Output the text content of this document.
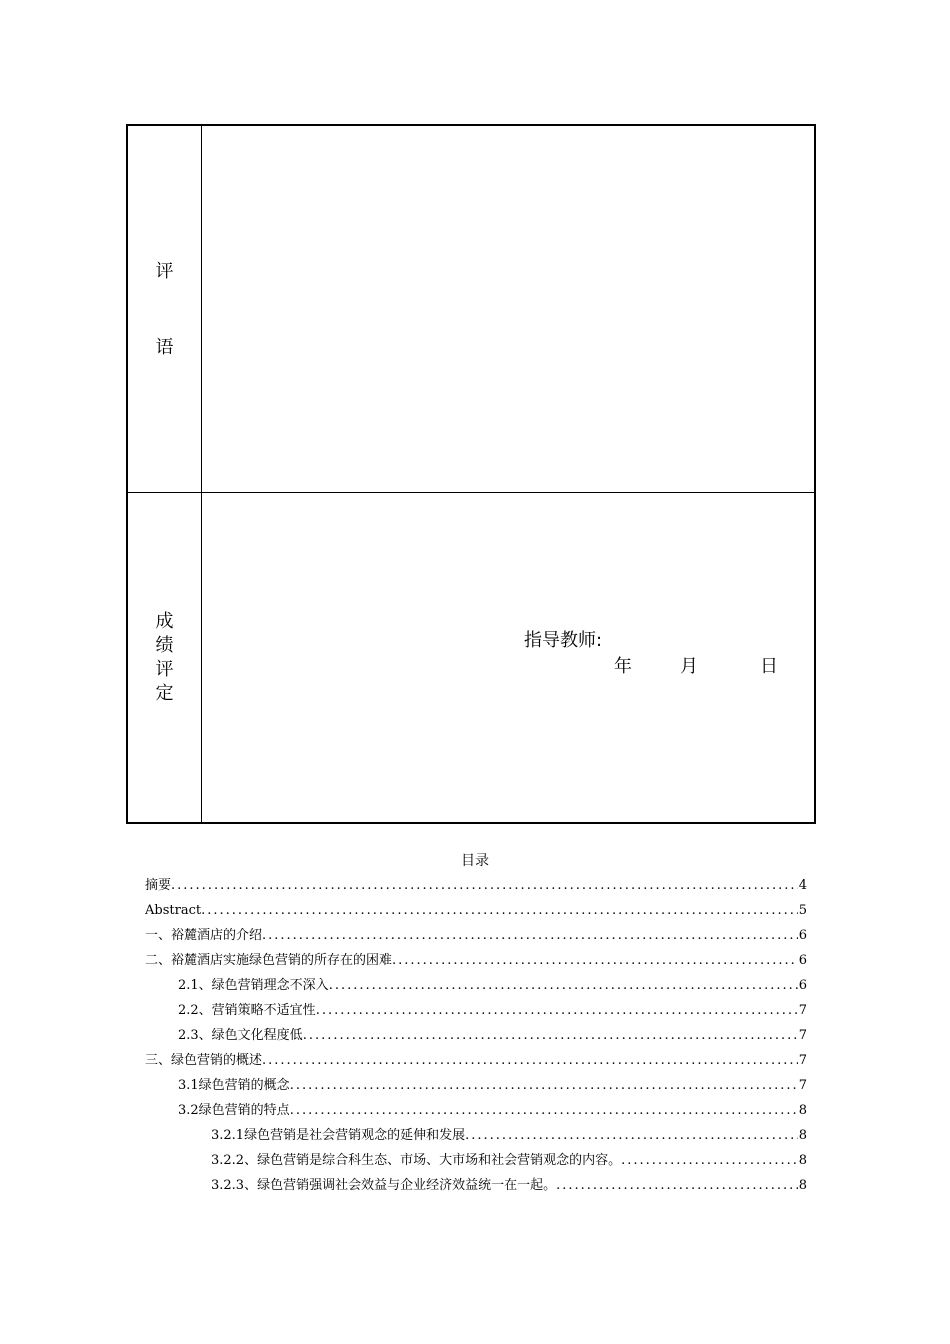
评
语
成
绩
评
定
指导教师:
年	月	日
目录
摘要 .....	4
Abstract .....	5
一、裕麓酒店的介绍 .....	6
二、裕麓酒店实施绿色营销的所存在的困难 .....	6
2.1、绿色营销理念不深入 .....	6
2.2、营销策略不适宜性 .....	7
2.3、绿色文化程度低 .....	7
三、绿色营销的概述 .....	7
3.1绿色营销的概念 .....	7
3.2绿色营销的特点 .....	8
3.2.1绿色营销是社会营销观念的延伸和发展 .....	8
3.2.2、绿色营销是综合科生态、市场、大市场和社会营销观念的内容。 .....	8
3.2.3、绿色营销强调社会效益与企业经济效益统一在一起。 .....	8
